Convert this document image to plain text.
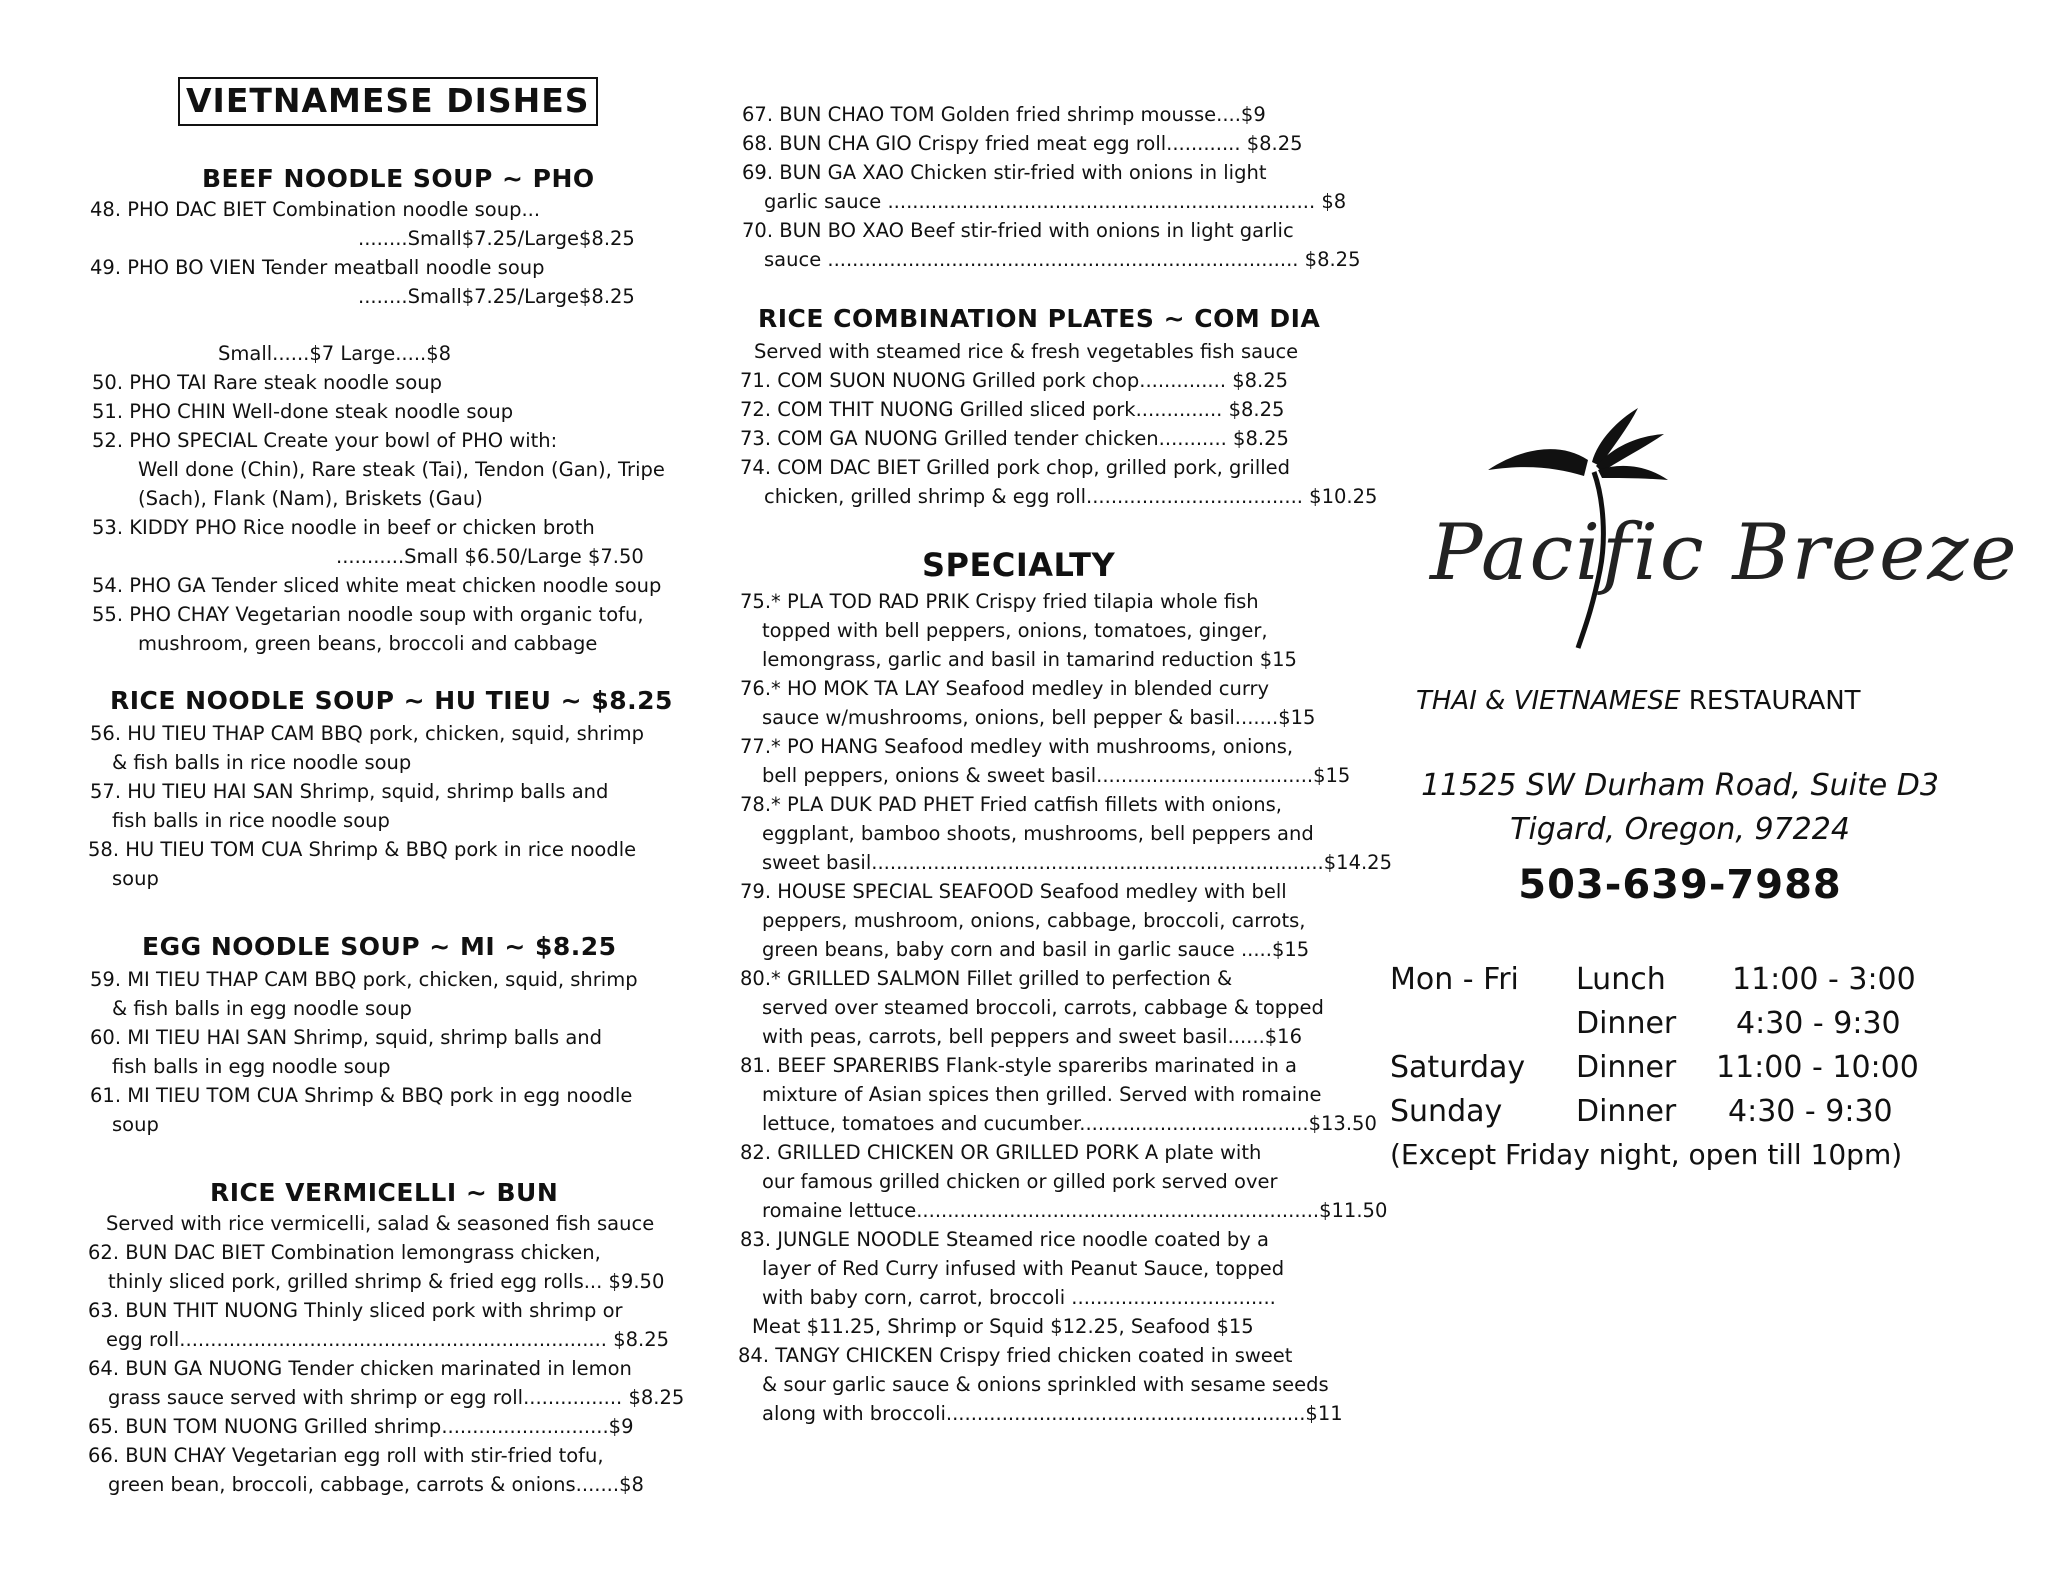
VIETNAMESE DISHES
BEEF NOODLE SOUP ~ PHO
48. PHO DAC BIET Combination noodle soup...
........Small$7.25/Large$8.25
49. PHO BO VIEN Tender meatball noodle soup
........Small$7.25/Large$8.25
Small......$7 Large.....$8
50. PHO TAI Rare steak noodle soup
51. PHO CHIN Well-done steak noodle soup
52. PHO SPECIAL Create your bowl of PHO with:
Well done (Chin), Rare steak (Tai), Tendon (Gan), Tripe
(Sach), Flank (Nam), Briskets (Gau)
53. KIDDY PHO Rice noodle in beef or chicken broth
...........Small $6.50/Large $7.50
54. PHO GA Tender sliced white meat chicken noodle soup
55. PHO CHAY Vegetarian noodle soup with organic tofu,
mushroom, green beans, broccoli and cabbage
RICE NOODLE SOUP ~ HU TIEU ~ $8.25
56. HU TIEU THAP CAM BBQ pork, chicken, squid, shrimp
& fish balls in rice noodle soup
57. HU TIEU HAI SAN Shrimp, squid, shrimp balls and
fish balls in rice noodle soup
58. HU TIEU TOM CUA Shrimp & BBQ pork in rice noodle
soup
EGG NOODLE SOUP ~ MI ~ $8.25
59. MI TIEU THAP CAM BBQ pork, chicken, squid, shrimp
& fish balls in egg noodle soup
60. MI TIEU HAI SAN Shrimp, squid, shrimp balls and
fish balls in egg noodle soup
61. MI TIEU TOM CUA Shrimp & BBQ pork in egg noodle
soup
RICE VERMICELLI ~ BUN
Served with rice vermicelli, salad & seasoned fish sauce
62. BUN DAC BIET Combination lemongrass chicken,
thinly sliced pork, grilled shrimp & fried egg rolls... $9.50
63. BUN THIT NUONG Thinly sliced pork with shrimp or
egg roll..................................................................... $8.25
64. BUN GA NUONG Tender chicken marinated in lemon
grass sauce served with shrimp or egg roll................ $8.25
65. BUN TOM NUONG Grilled shrimp...........................$9
66. BUN CHAY Vegetarian egg roll with stir-fried tofu,
green bean, broccoli, cabbage, carrots & onions.......$8
67. BUN CHAO TOM Golden fried shrimp mousse....$9
68. BUN CHA GIO Crispy fried meat egg roll............ $8.25
69. BUN GA XAO Chicken stir-fried with onions in light
garlic sauce ..................................................................... $8
70. BUN BO XAO Beef stir-fried with onions in light garlic
sauce ............................................................................ $8.25
RICE COMBINATION PLATES ~ COM DIA
Served with steamed rice & fresh vegetables fish sauce
71. COM SUON NUONG Grilled pork chop.............. $8.25
72. COM THIT NUONG Grilled sliced pork.............. $8.25
73. COM GA NUONG Grilled tender chicken........... $8.25
74. COM DAC BIET Grilled pork chop, grilled pork, grilled
chicken, grilled shrimp & egg roll................................... $10.25
SPECIALTY
75.* PLA TOD RAD PRIK Crispy fried tilapia whole fish
topped with bell peppers, onions, tomatoes, ginger,
lemongrass, garlic and basil in tamarind reduction $15
76.* HO MOK TA LAY Seafood medley in blended curry
sauce w/mushrooms, onions, bell pepper & basil.......$15
77.* PO HANG Seafood medley with mushrooms, onions,
bell peppers, onions & sweet basil...................................$15
78.* PLA DUK PAD PHET Fried catfish fillets with onions,
eggplant, bamboo shoots, mushrooms, bell peppers and
sweet basil.........................................................................$14.25
79. HOUSE SPECIAL SEAFOOD Seafood medley with bell
peppers, mushroom, onions, cabbage, broccoli, carrots,
green beans, baby corn and basil in garlic sauce .....$15
80.* GRILLED SALMON Fillet grilled to perfection &
served over steamed broccoli, carrots, cabbage & topped
with peas, carrots, bell peppers and sweet basil......$16
81. BEEF SPARERIBS Flank-style spareribs marinated in a
mixture of Asian spices then grilled. Served with romaine
lettuce, tomatoes and cucumber.....................................$13.50
82. GRILLED CHICKEN OR GRILLED PORK A plate with
our famous grilled chicken or gilled pork served over
romaine lettuce.................................................................$11.50
83. JUNGLE NOODLE Steamed rice noodle coated by a
layer of Red Curry infused with Peanut Sauce, topped
with baby corn, carrot, broccoli .................................
Meat $11.25, Shrimp or Squid $12.25, Seafood $15
84. TANGY CHICKEN Crispy fried chicken coated in sweet
& sour garlic sauce & onions sprinkled with sesame seeds
along with broccoli..........................................................$11
Pacific Breeze
THAI & VIETNAMESE RESTAURANT
11525 SW Durham Road, Suite D3
Tigard, Oregon, 97224
503-639-7988
Mon - Fri Lunch 11:00 - 3:00
Dinner 4:30 - 9:30
Saturday Dinner 11:00 - 10:00
Sunday Dinner 4:30 - 9:30
(Except Friday night, open till 10pm)
